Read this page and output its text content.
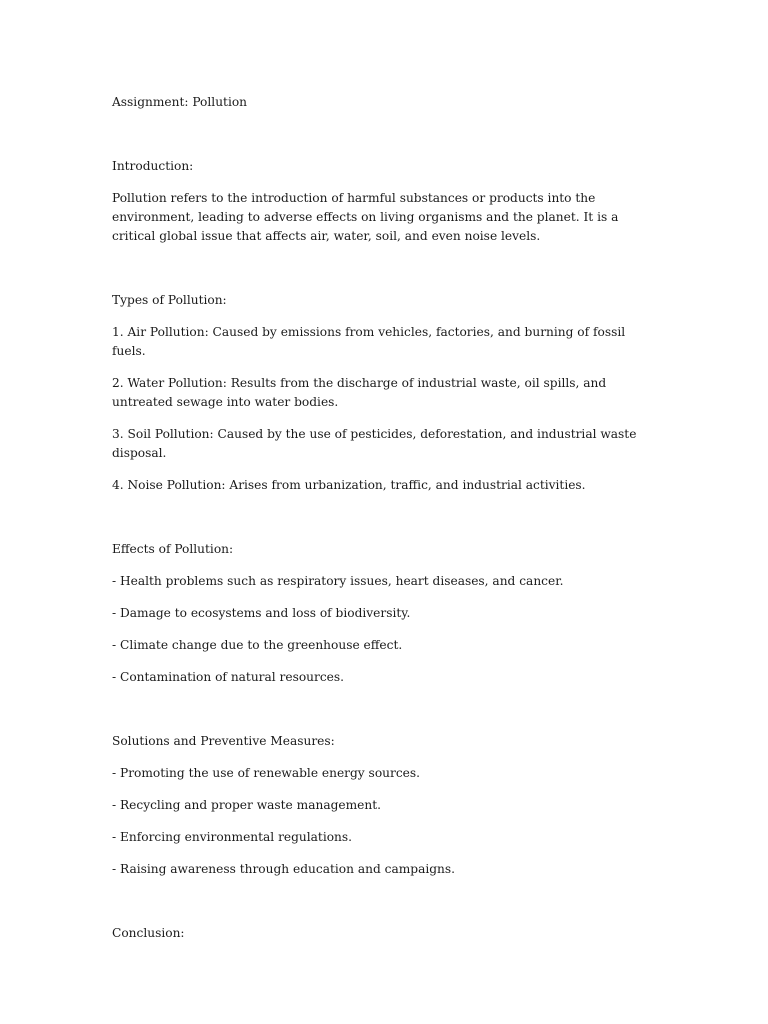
Assignment: Pollution

Introduction:

Pollution refers to the introduction of harmful substances or products into the environment, leading to adverse effects on living organisms and the planet. It is a critical global issue that affects air, water, soil, and even noise levels.

Types of Pollution:

1. Air Pollution: Caused by emissions from vehicles, factories, and burning of fossil fuels.

2. Water Pollution: Results from the discharge of industrial waste, oil spills, and untreated sewage into water bodies.

3. Soil Pollution: Caused by the use of pesticides, deforestation, and industrial waste disposal.

4. Noise Pollution: Arises from urbanization, traffic, and industrial activities.

Effects of Pollution:

- Health problems such as respiratory issues, heart diseases, and cancer.

- Damage to ecosystems and loss of biodiversity.

- Climate change due to the greenhouse effect.

- Contamination of natural resources.

Solutions and Preventive Measures:

- Promoting the use of renewable energy sources.

- Recycling and proper waste management.

- Enforcing environmental regulations.

- Raising awareness through education and campaigns.

Conclusion:
